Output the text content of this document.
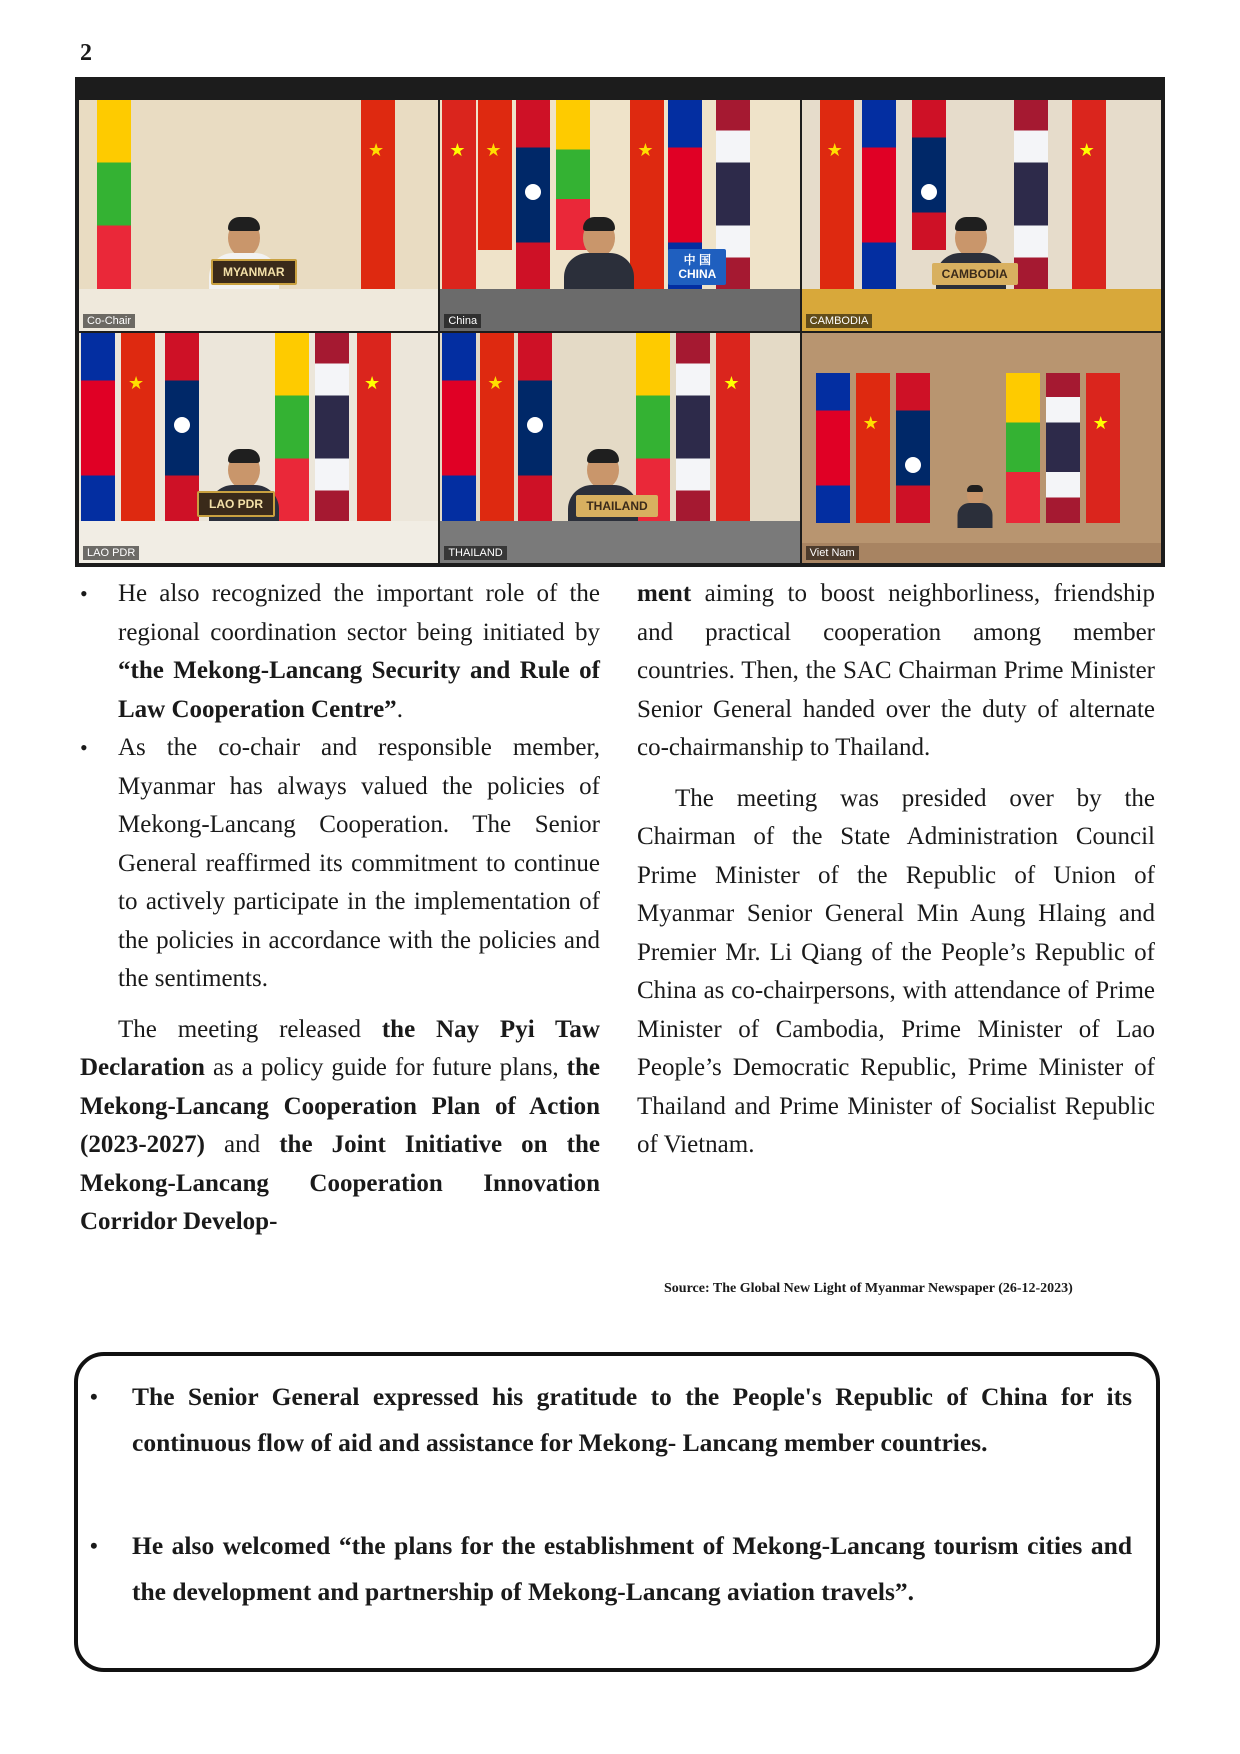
2
★
MYANMAR
Co-Chair
★
★
★
中 国
CHINA
China
★
★
CAMBODIA
CAMBODIA
★
★
LAO PDR
LAO PDR
★
★
THAILAND
THAILAND
★
★	Viet Nam

• He also recognized the important role of the regional coordination sector being initiated by “the Mekong-Lancang Security and Rule of Law Cooperation Centre”.

• As the co-chair and responsible member, Myanmar has always valued the policies of Mekong-Lancang Cooperation. The Senior General reaffirmed its commitment to continue to actively participate in the implementation of the policies in accordance with the policies and the sentiments.

The meeting released the Nay Pyi Taw Declaration as a policy guide for future plans, the Mekong-Lancang Cooperation Plan of Action (2023-2027) and the Joint Initiative on the Mekong-Lancang Cooperation Innovation Corridor Develop-

ment aiming to boost neighborliness, friendship and practical cooperation among member countries. Then, the SAC Chairman Prime Minister Senior General handed over the duty of alternate co-chairmanship to Thailand.

The meeting was presided over by the Chairman of the State Administration Council Prime Minister of the Republic of Union of Myanmar Senior General Min Aung Hlaing and Premier Mr. Li Qiang of the People’s Republic of China as co-chairpersons, with attendance of Prime Minister of Cambodia, Prime Minister of Lao People’s Democratic Republic, Prime Minister of Thailand and Prime Minister of Socialist Republic of Vietnam.

Source: The Global New Light of Myanmar Newspaper (26-12-2023)
• The Senior General expressed his gratitude to the People's Republic of China for its continuous flow of aid and assistance for Mekong- Lancang member countries.
• He also welcomed “the plans for the establishment of Mekong-Lancang tourism cities and the development and partnership of Mekong-Lancang aviation travels”.
